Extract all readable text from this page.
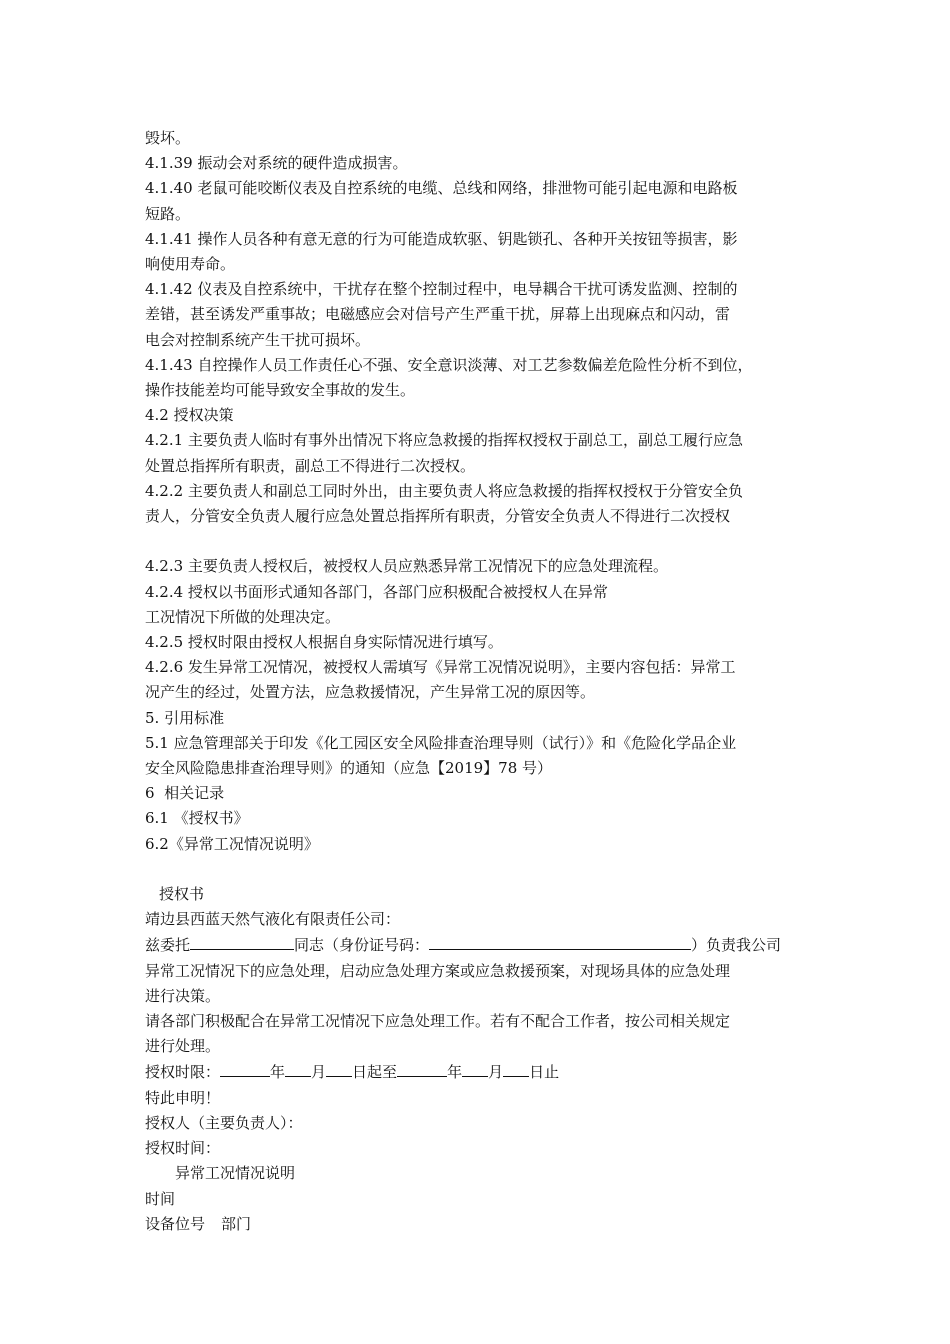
毁坏。
4.1.39 振动会对系统的硬件造成损害。
4.1.40 老鼠可能咬断仪表及自控系统的电缆、总线和网络，排泄物可能引起电源和电路板
短路。
4.1.41 操作人员各种有意无意的行为可能造成软驱、钥匙锁孔、各种开关按钮等损害，影
响使用寿命。
4.1.42 仪表及自控系统中，干扰存在整个控制过程中，电导耦合干扰可诱发监测、控制的
差错，甚至诱发严重事故；电磁感应会对信号产生严重干扰，屏幕上出现麻点和闪动，雷
电会对控制系统产生干扰可损坏。
4.1.43 自控操作人员工作责任心不强、安全意识淡薄、对工艺参数偏差危险性分析不到位，
操作技能差均可能导致安全事故的发生。
4.2 授权决策
4.2.1 主要负责人临时有事外出情况下将应急救援的指挥权授权于副总工，副总工履行应急
处置总指挥所有职责，副总工不得进行二次授权。
4.2.2 主要负责人和副总工同时外出，由主要负责人将应急救援的指挥权授权于分管安全负
责人，分管安全负责人履行应急处置总指挥所有职责，分管安全负责人不得进行二次授权
4.2.3 主要负责人授权后，被授权人员应熟悉异常工况情况下的应急处理流程。
4.2.4 授权以书面形式通知各部门，各部门应积极配合被授权人在异常
工况情况下所做的处理决定。
4.2.5 授权时限由授权人根据自身实际情况进行填写。
4.2.6 发生异常工况情况，被授权人需填写《异常工况情况说明》，主要内容包括：异常工
况产生的经过，处置方法，应急救援情况，产生异常工况的原因等。
5. 引用标准
5.1 应急管理部关于印发《化工园区安全风险排查治理导则（试行）》和《危险化学品企业
安全风险隐患排查治理导则》的通知（应急【2019】78 号）
6  相关记录
6.1 《授权书》
6.2《异常工况情况说明》
授权书
靖边县西蓝天然气液化有限责任公司：
兹委托	同志（身份证号码：	）负责我公司
异常工况情况下的应急处理，启动应急处理方案或应急救援预案，对现场具体的应急处理
进行决策。
请各部门积极配合在异常工况情况下应急处理工作。若有不配合工作者，按公司相关规定
进行处理。
授权时限：	年 月 日起至	年 月 日止
特此申明！
授权人（主要负责人）：
授权时间：
异常工况情况说明
时间
设备位号 部门
